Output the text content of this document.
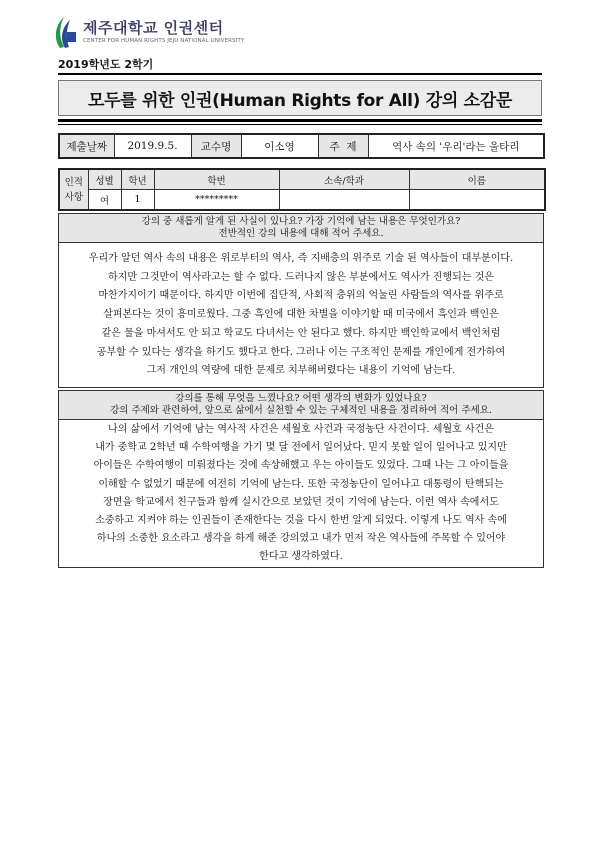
제주대학교 인권센터
CENTER FOR HUMAN RIGHTS JEJU NATIONAL UNIVERSITY
2019학년도 2학기
모두를 위한 인권(Human Rights for All) 강의 소감문
제출날짜	2019.9.5.	교수명	이소영	주  제	역사 속의 '우리'라는 울타리
인적
사항	성별	학년	학번	소속/학과	이름
	여	1	*********		
강의 중 새롭게 알게 된 사실이 있나요? 가장 기억에 남는 내용은 무엇인가요?
전반적인 강의 내용에 대해 적어 주세요.
우리가 알던 역사 속의 내용은 위로부터의 역사, 즉 지배층의 위주로 기술 된 역사들이 대부분이다.
하지만 그것만이 역사라고는 할 수 없다. 드러나지 않은 부분에서도 역사가 진행되는 것은
마찬가지이기 때문이다. 하지만 이번에 집단적, 사회적 층위의 억눌린 사람들의 역사를 위주로
살펴본다는 것이 흥미로웠다. 그중 흑인에 대한 차별을 이야기할 때 미국에서 흑인과 백인은
같은 물을 마셔서도 안 되고 학교도 다녀서는 안 된다고 했다. 하지만 백인학교에서 백인처럼
공부할 수 있다는 생각을 하기도 했다고 한다. 그러나 이는 구조적인 문제를 개인에게 전가하여
그저 개인의 역량에 대한 문제로 치부해버렸다는 내용이 기억에 남는다.
강의를 통해 무엇을 느꼈나요? 어떤 생각의 변화가 있었나요?
강의 주제와 관련하여, 앞으로 삶에서 실천할 수 있는 구체적인 내용을 정리하여 적어 주세요.
나의 삶에서 기억에 남는 역사적 사건은 세월호 사건과 국정농단 사건이다. 세월호 사건은
내가 중학교 2학년 때 수학여행을 가기 몇 달 전에서 일어났다. 믿지 못할 일이 일어나고 있지만
아이들은 수학여행이 미뤄졌다는 것에 속상해했고 우는 아이들도 있었다. 그때 나는 그 아이들을
이해할 수 없었기 때문에 여전히 기억에 남는다. 또한 국정농단이 일어나고 대통령이 탄핵되는
장면을 학교에서 친구들과 함께 실시간으로 보았던 것이 기억에 남는다. 이런 역사 속에서도
소중하고 지켜야 하는 인권들이 존재한다는 것을 다시 한번 알게 되었다. 이렇게 나도 역사 속에
하나의 소중한 요소라고 생각을 하게 해준 강의였고 내가 먼저 작은 역사들에 주목할 수 있어야
한다고 생각하였다.
